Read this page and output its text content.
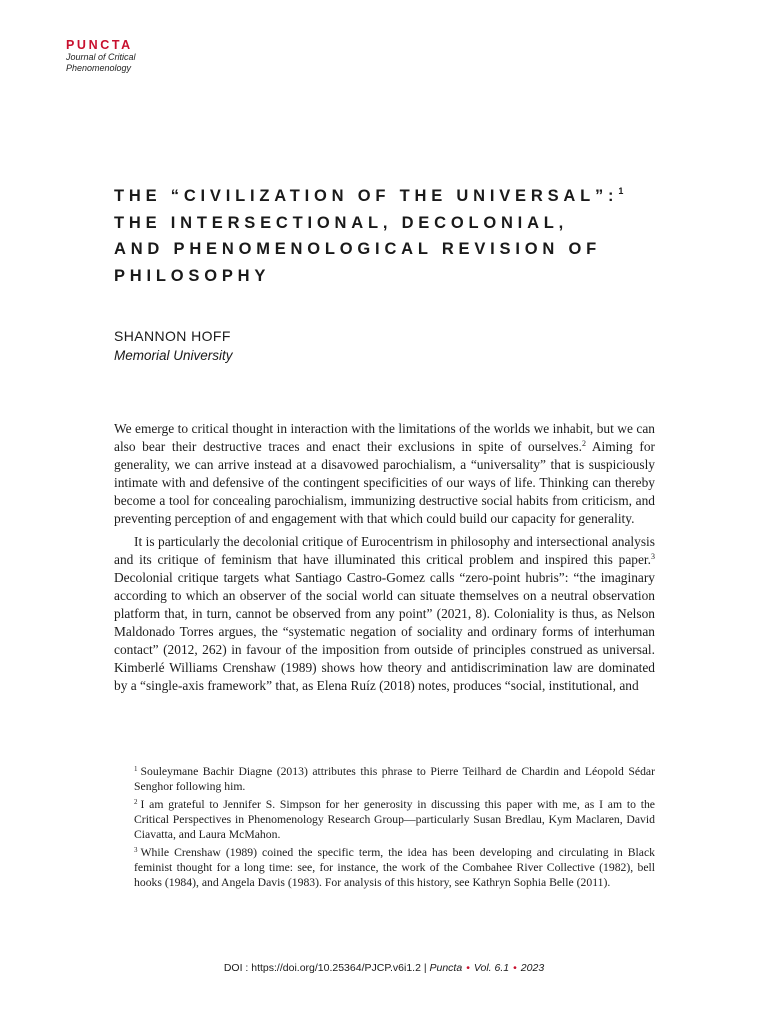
PUNCTA
Journal of Critical
Phenomenology
THE “CIVILIZATION OF THE UNIVERSAL”:$^1$
THE INTERSECTIONAL, DECOLONIAL,
AND PHENOMENOLOGICAL REVISION OF
PHILOSOPHY
SHANNON HOFF
Memorial University

We emerge to critical thought in interaction with the limitations of the worlds we inhabit, but we can also bear their destructive traces and enact their exclusions in spite of ourselves.$^2$ Aiming for generality, we can arrive instead at a disavowed parochialism, a “universality” that is suspiciously intimate with and defensive of the contingent specificities of our ways of life. Thinking can thereby become a tool for concealing parochialism, immunizing destructive social habits from criticism, and preventing perception of and engagement with that which could build our capacity for generality.

It is particularly the decolonial critique of Eurocentrism in philosophy and intersectional analysis and its critique of feminism that have illuminated this critical problem and inspired this paper.$^3$ Decolonial critique targets what Santiago Castro-Gomez calls “zero-point hubris”: “the imaginary according to which an observer of the social world can situate themselves on a neutral observation platform that, in turn, cannot be observed from any point” (2021, 8). Coloniality is thus, as Nelson Maldonado Torres argues, the “systematic negation of sociality and ordinary forms of interhuman contact” (2012, 262) in favour of the imposition from outside of principles construed as universal. Kimberlé Williams Crenshaw (1989) shows how theory and antidiscrimination law are dominated by a “single-axis framework” that, as Elena Ruíz (2018) notes, produces “social, institutional, and

$^1$ Souleymane Bachir Diagne (2013) attributes this phrase to Pierre Teilhard de Chardin and Léopold Sédar Senghor following him.

$^2$ I am grateful to Jennifer S. Simpson for her generosity in discussing this paper with me, as I am to the Critical Perspectives in Phenomenology Research Group—particularly Susan Bredlau, Kym Maclaren, David Ciavatta, and Laura McMahon.

$^3$ While Crenshaw (1989) coined the specific term, the idea has been developing and circulating in Black feminist thought for a long time: see, for instance, the work of the Combahee River Collective (1982), bell hooks (1984), and Angela Davis (1983). For analysis of this history, see Kathryn Sophia Belle (2011).

DOI : https://doi.org/10.25364/PJCP.v6i1.2 | Puncta • Vol. 6.1 • 2023
